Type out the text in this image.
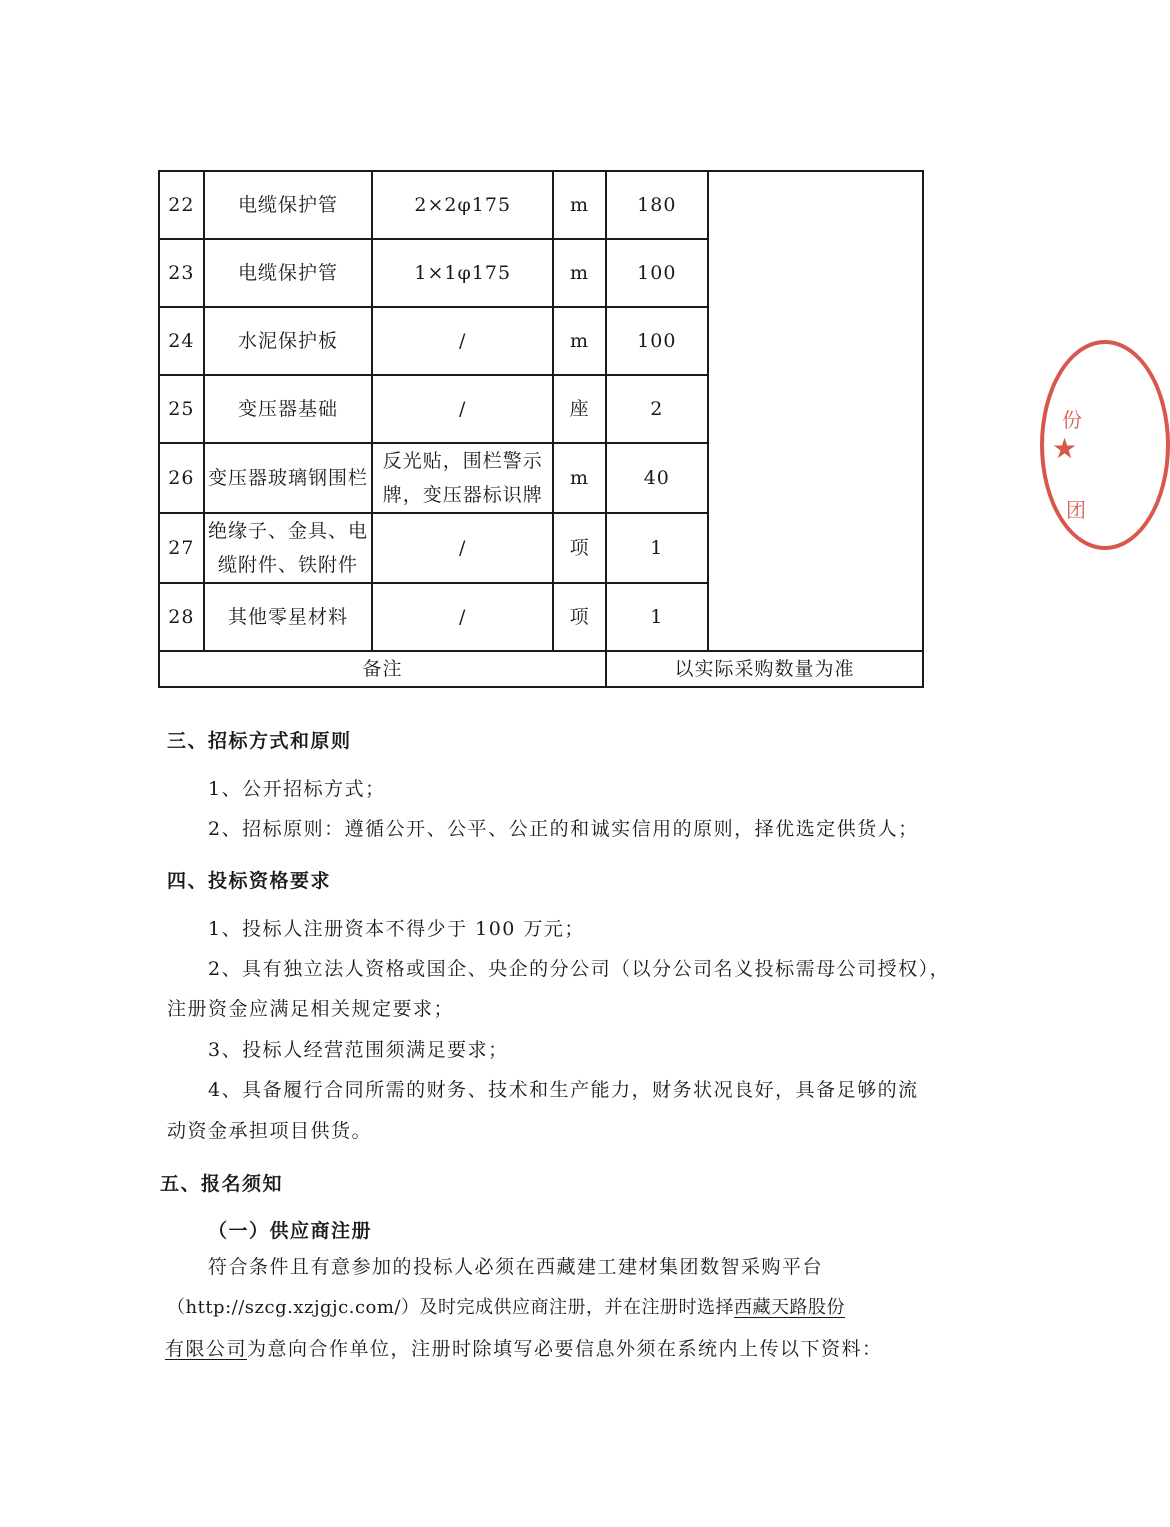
22	电缆保护管	2×2φ175	m	180	
23	电缆保护管	1×1φ175	m	100	
24	水泥保护板	/	m	100	
25	变压器基础	/	座	2	
26	变压器玻璃钢围栏	反光贴，围栏警示牌，变压器标识牌	m	40	
27	绝缘子、金具、电缆附件、铁附件	/	项	1	
28	其他零星材料	/	项	1	
备注				以实际采购数量为准	
三、招标方式和原则
1、公开招标方式；
2、招标原则：遵循公开、公平、公正的和诚实信用的原则，择优选定供货人；
四、投标资格要求
1、投标人注册资本不得少于 100 万元；
2、具有独立法人资格或国企、央企的分公司（以分公司名义投标需母公司授权），
注册资金应满足相关规定要求；
3、投标人经营范围须满足要求；
4、具备履行合同所需的财务、技术和生产能力，财务状况良好，具备足够的流
动资金承担项目供货。
五、报名须知
（一）供应商注册
符合条件且有意参加的投标人必须在西藏建工建材集团数智采购平台
（http://szcg.xzjgjc.com/）及时完成供应商注册，并在注册时选择西藏天路股份
有限公司为意向合作单位，注册时除填写必要信息外须在系统内上传以下资料：
份
★
团
